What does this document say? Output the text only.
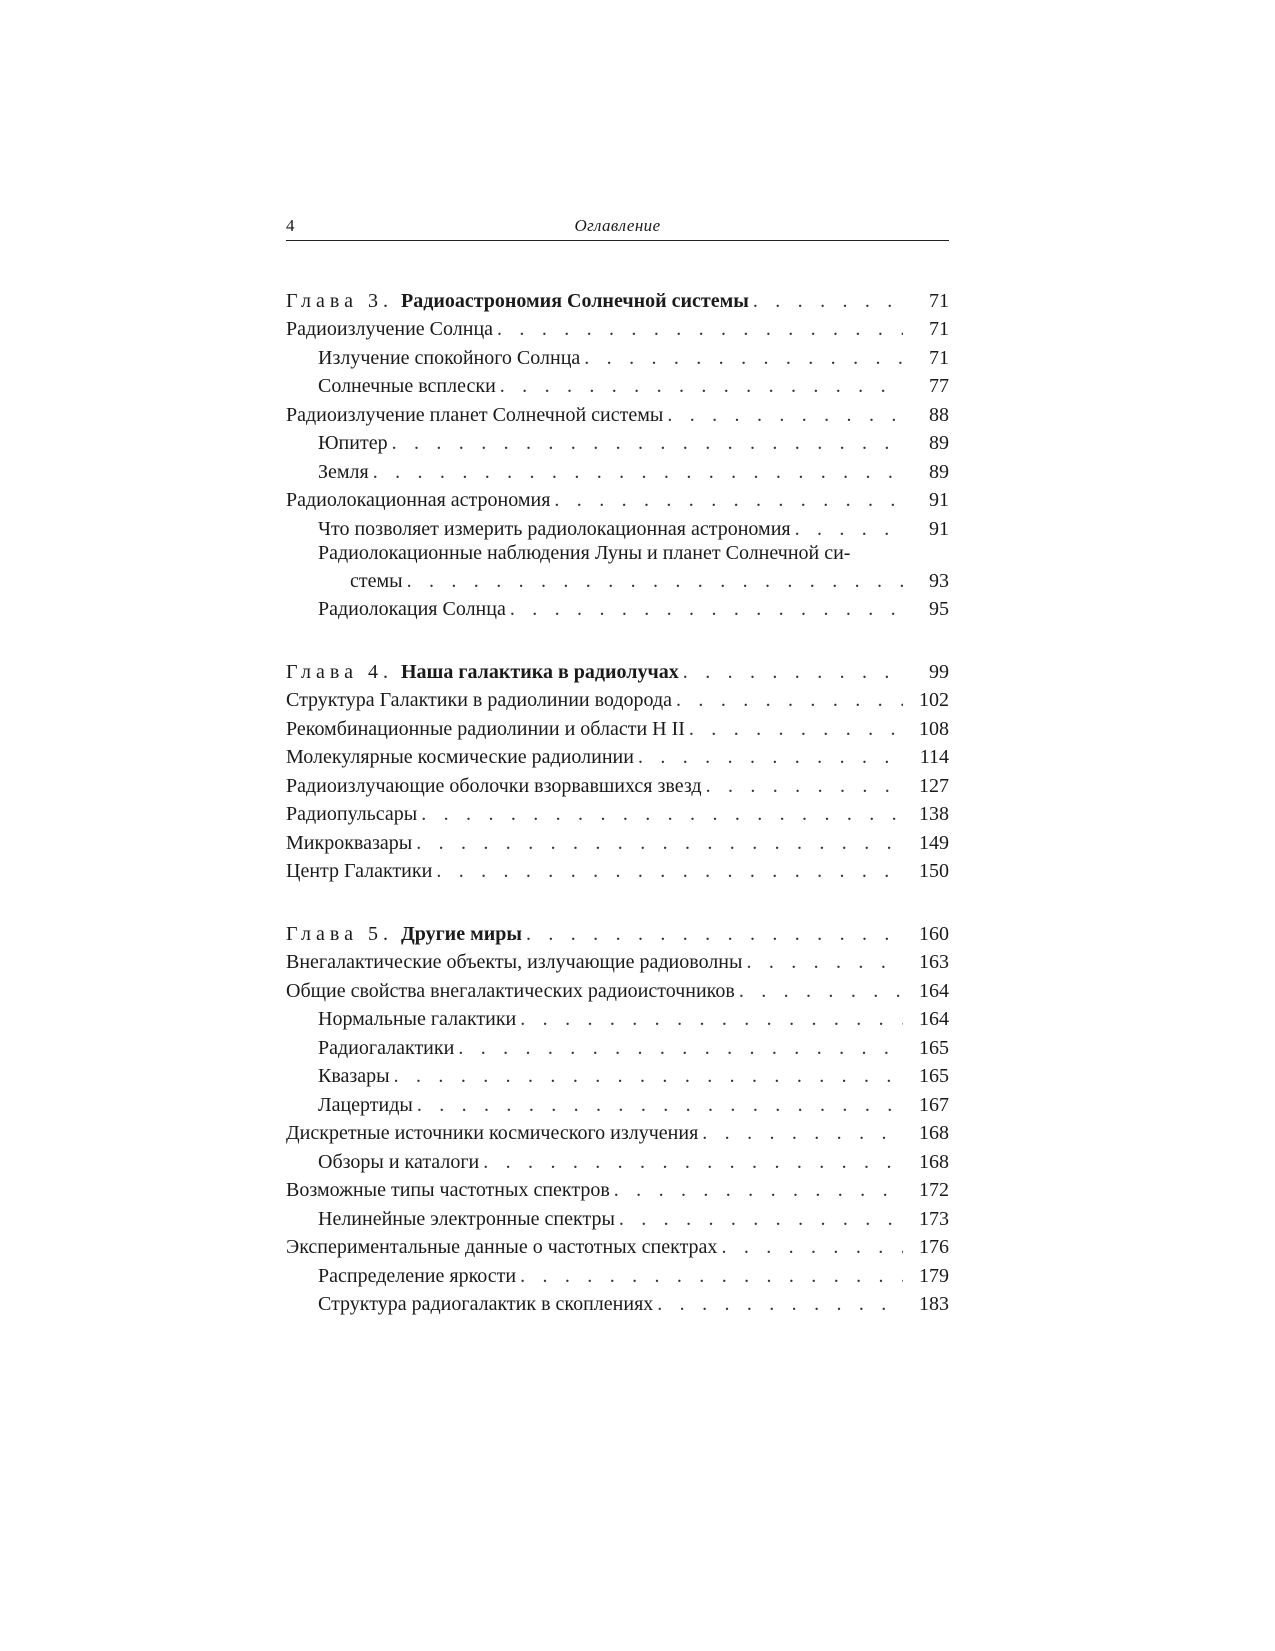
4	Оглавление
Глава 3. Радиоастрономия Солнечной системы . . .	71
Радиоизлучение Солнца . . .	71
Излучение спокойного Солнца . . .	71
Солнечные всплески . . .	77
Радиоизлучение планет Солнечной системы . . .	88
Юпитер . . .	89
Земля . . .	89
Радиолокационная астрономия . . .	91
Что позволяет измерить радиолокационная астрономия . . .	91
Радиолокационные наблюдения Луны и планет Солнечной си-
стемы . . .	93
Радиолокация Солнца . . .	95
Глава 4. Наша галактика в радиолучах . . .	99
Структура Галактики в радиолинии водорода . . .	102
Рекомбинационные радиолинии и области Н II . . .	108
Молекулярные космические радиолинии . . .	114
Радиоизлучающие оболочки взорвавшихся звезд . . .	127
Радиопульсары . . .	138
Микроквазары . . .	149
Центр Галактики . . .	150
Глава 5. Другие миры . . .	160
Внегалактические объекты, излучающие радиоволны . . .	163
Общие свойства внегалактических радиоисточников . . .	164
Нормальные галактики . . .	164
Радиогалактики . . .	165
Квазары . . .	165
Лацертиды . . .	167
Дискретные источники космического излучения . . .	168
Обзоры и каталоги . . .	168
Возможные типы частотных спектров . . .	172
Нелинейные электронные спектры . . .	173
Экспериментальные данные о частотных спектрах . . .	176
Распределение яркости . . .	179
Структура радиогалактик в скоплениях . . .	183
